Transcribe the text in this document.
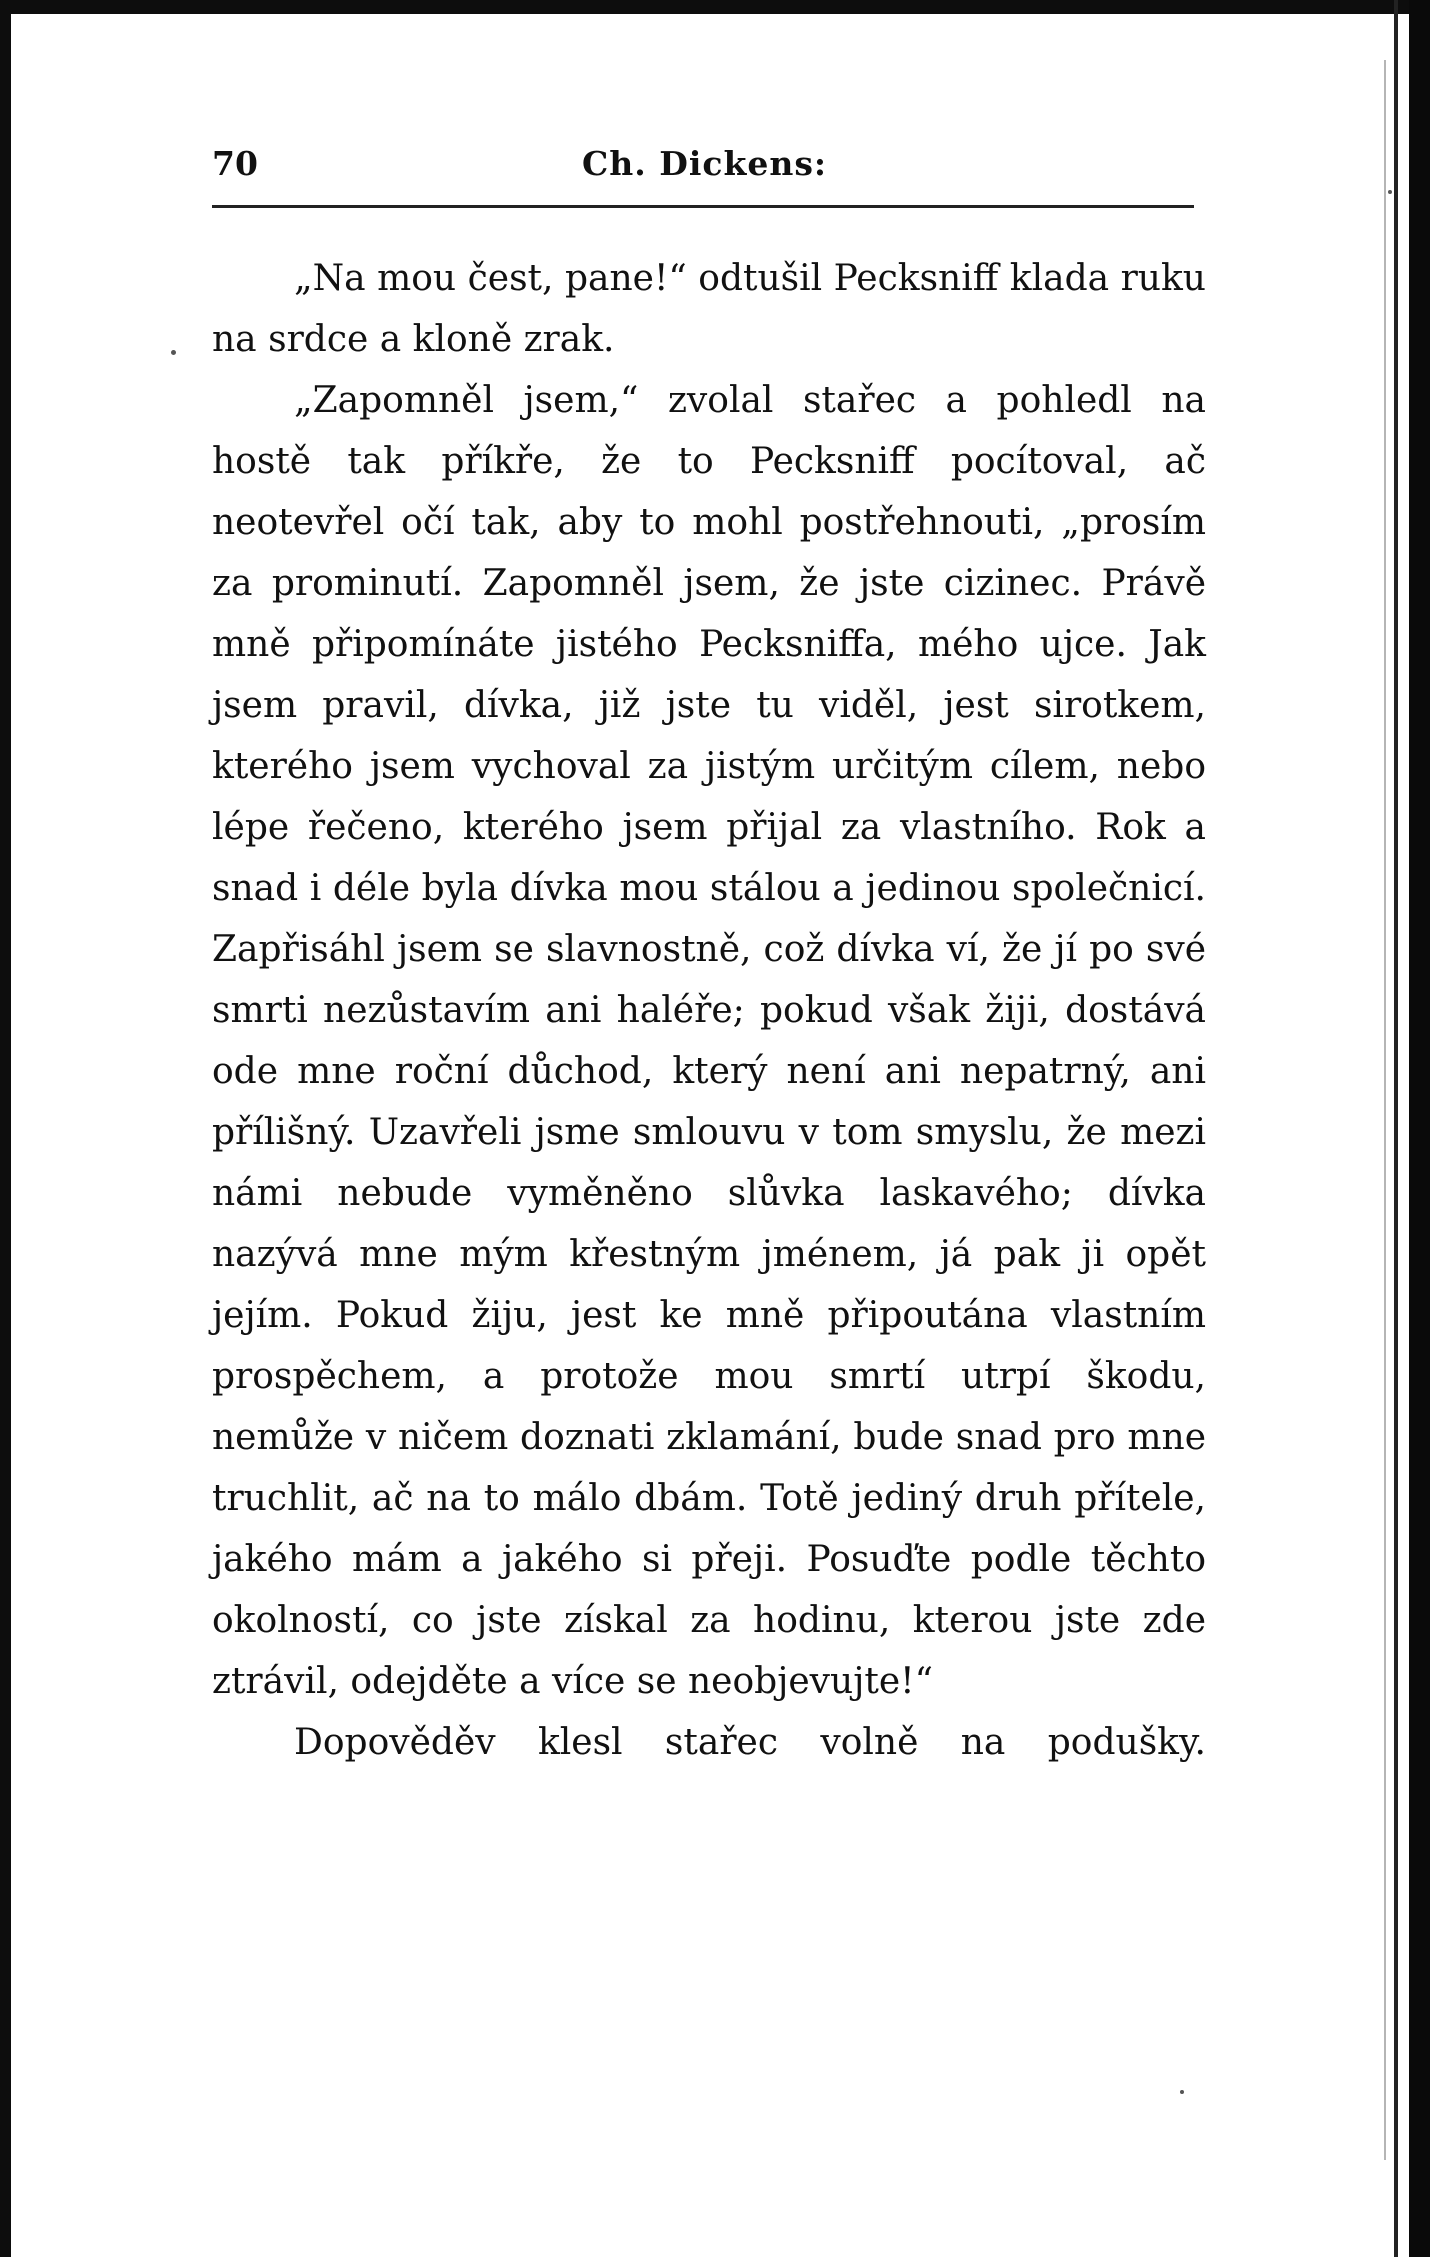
70	Ch. Dickens:

„Na mou čest, pane!“ odtušil Pecksniff klada ruku na srdce a kloně zrak.

„Zapomněl jsem,“ zvolal stařec a pohledl na hostě tak příkře, že to Pecksniff pocítoval, ač neotevřel očí tak, aby to mohl postřehnouti, „prosím za prominutí. Zapomněl jsem, že jste cizinec. Právě mně připomínáte jistého Pecksniffa, mého ujce. Jak jsem pravil, dívka, již jste tu viděl, jest sirotkem, kterého jsem vychoval za jistým určitým cílem, nebo lépe řečeno, kterého jsem přijal za vlastního. Rok a snad i déle byla dívka mou stálou a jedinou společnicí. Zapřisáhl jsem se slavnostně, což dívka ví, že jí po své smrti nezůstavím ani haléře; pokud však žiji, dostává ode mne roční důchod, který není ani nepatrný, ani přílišný. Uzavřeli jsme smlouvu v tom smyslu, že mezi námi nebude vyměněno slůvka laskavého; dívka nazývá mne mým křestným jménem, já pak ji opět jejím. Pokud žiju, jest ke mně připoutána vlastním prospěchem, a protože mou smrtí utrpí škodu, nemůže v ničem doznati zklamání, bude snad pro mne truchlit, ač na to málo dbám. Totě jediný druh přítele, jakého mám a jakého si přeji. Posuďte podle těchto okolností, co jste získal za hodinu, kterou jste zde ztrávil, odejděte a více se neobjevujte!“

Dopověděv klesl stařec volně na podušky.
